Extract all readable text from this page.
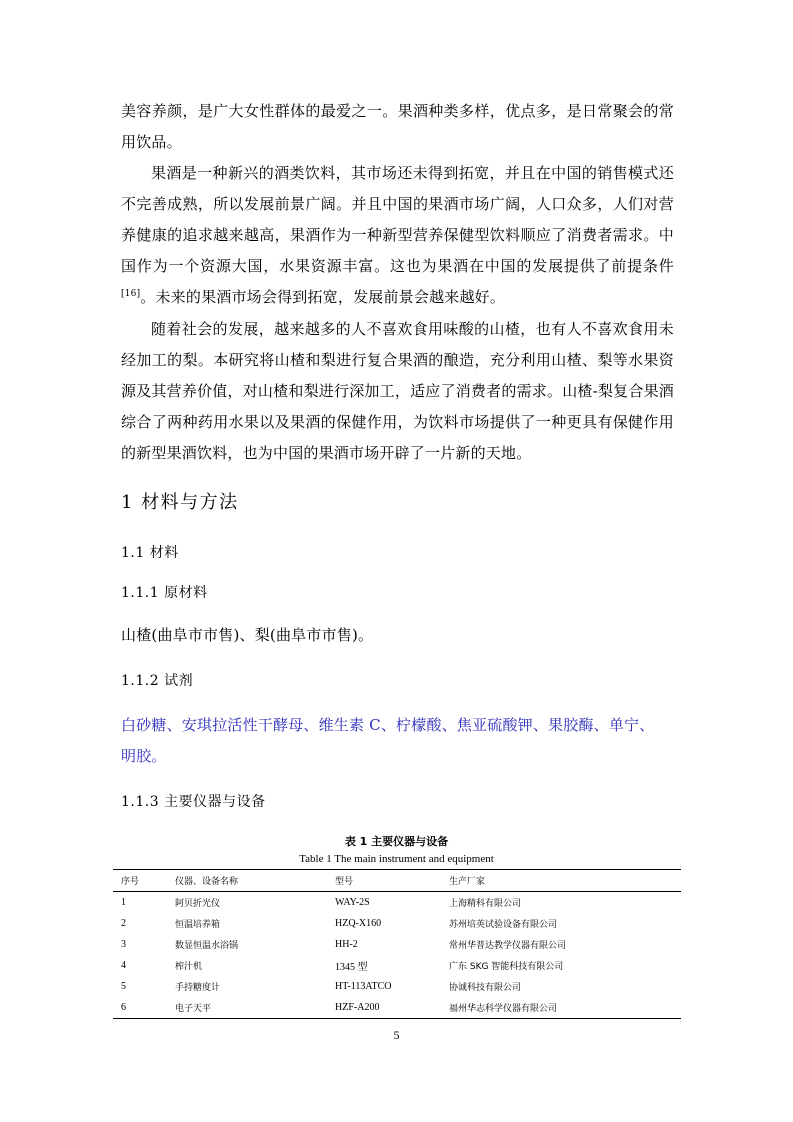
美容养颜，是广大女性群体的最爱之一。果酒种类多样，优点多，是日常聚会的常用饮品。

果酒是一种新兴的酒类饮料，其市场还未得到拓宽，并且在中国的销售模式还不完善成熟，所以发展前景广阔。并且中国的果酒市场广阔，人口众多，人们对营养健康的追求越来越高，果酒作为一种新型营养保健型饮料顺应了消费者需求。中国作为一个资源大国，水果资源丰富。这也为果酒在中国的发展提供了前提条件[16]。未来的果酒市场会得到拓宽，发展前景会越来越好。

随着社会的发展，越来越多的人不喜欢食用味酸的山楂，也有人不喜欢食用未经加工的梨。本研究将山楂和梨进行复合果酒的酿造，充分利用山楂、梨等水果资源及其营养价值，对山楂和梨进行深加工，适应了消费者的需求。山楂-梨复合果酒综合了两种药用水果以及果酒的保健作用，为饮料市场提供了一种更具有保健作用的新型果酒饮料，也为中国的果酒市场开辟了一片新的天地。

1 材料与方法
1.1 材料
1.1.1 原材料
山楂(曲阜市市售)、梨(曲阜市市售)。
1.1.2 试剂
白砂糖、安琪拉活性干酵母、维生素 C、柠檬酸、焦亚硫酸钾、果胶酶、单宁、
明胶。
1.1.3 主要仪器与设备
表 1 主要仪器与设备
Table 1 The main instrument and equipment
序号	仪器、设备名称	型号	生产厂家
1	阿贝折光仪	WAY-2S	上海精科有限公司
2	恒温培养箱	HZQ-X160	苏州培英试验设备有限公司
3	数显恒温水浴锅	HH-2	常州华普达教学仪器有限公司
4	榨汁机	1345 型	广东 SKG 智能科技有限公司
5	手持糖度计	HT-113ATCO	协诚科技有限公司
6	电子天平	HZF-A200	福州华志科学仪器有限公司
5
